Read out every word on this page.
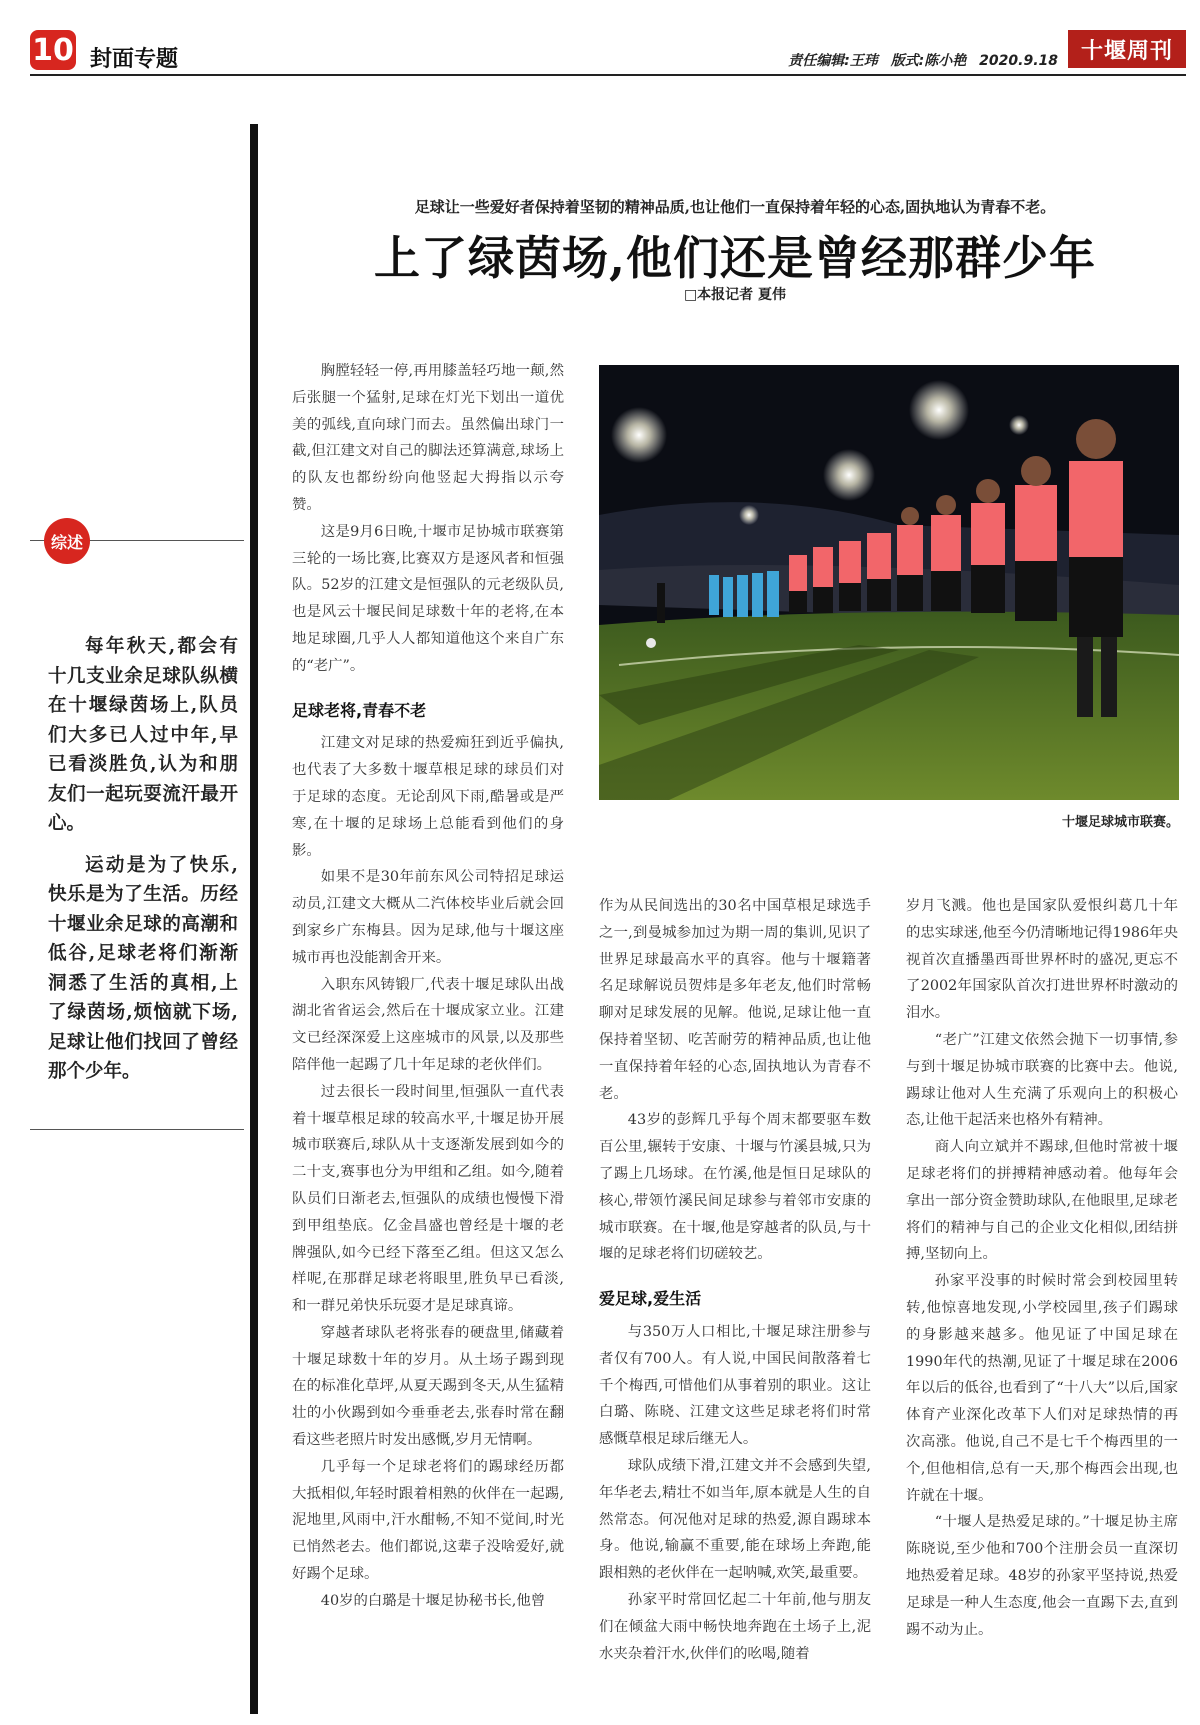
10 封面专题	责任编辑:王玮 版式:陈小艳 2020.9.18	十堰周刊
综述

每年秋天,都会有十几支业余足球队纵横在十堰绿茵场上,队员们大多已人过中年,早已看淡胜负,认为和朋友们一起玩耍流汗最开心。

运动是为了快乐,快乐是为了生活。历经十堰业余足球的高潮和低谷,足球老将们渐渐洞悉了生活的真相,上了绿茵场,烦恼就下场,足球让他们找回了曾经那个少年。

足球让一些爱好者保持着坚韧的精神品质,也让他们一直保持着年轻的心态,固执地认为青春不老。
上了绿茵场,他们还是曾经那群少年
□本报记者 夏伟

胸膛轻轻一停,再用膝盖轻巧地一颠,然后张腿一个猛射,足球在灯光下划出一道优美的弧线,直向球门而去。虽然偏出球门一截,但江建文对自己的脚法还算满意,球场上的队友也都纷纷向他竖起大拇指以示夸赞。

这是9月6日晚,十堰市足协城市联赛第三轮的一场比赛,比赛双方是逐风者和恒强队。52岁的江建文是恒强队的元老级队员,也是风云十堰民间足球数十年的老将,在本地足球圈,几乎人人都知道他这个来自广东的“老广”。

足球老将,青春不老

江建文对足球的热爱痴狂到近乎偏执,也代表了大多数十堰草根足球的球员们对于足球的态度。无论刮风下雨,酷暑或是严寒,在十堰的足球场上总能看到他们的身影。

如果不是30年前东风公司特招足球运动员,江建文大概从二汽体校毕业后就会回到家乡广东梅县。因为足球,他与十堰这座城市再也没能割舍开来。

入职东风铸锻厂,代表十堰足球队出战湖北省省运会,然后在十堰成家立业。江建文已经深深爱上这座城市的风景,以及那些陪伴他一起踢了几十年足球的老伙伴们。

过去很长一段时间里,恒强队一直代表着十堰草根足球的较高水平,十堰足协开展城市联赛后,球队从十支逐渐发展到如今的二十支,赛事也分为甲组和乙组。如今,随着队员们日渐老去,恒强队的成绩也慢慢下滑到甲组垫底。亿金昌盛也曾经是十堰的老牌强队,如今已经下落至乙组。但这又怎么样呢,在那群足球老将眼里,胜负早已看淡,和一群兄弟快乐玩耍才是足球真谛。

穿越者球队老将张春的硬盘里,储藏着十堰足球数十年的岁月。从土场子踢到现在的标准化草坪,从夏天踢到冬天,从生猛精壮的小伙踢到如今垂垂老去,张春时常在翻看这些老照片时发出感慨,岁月无情啊。

几乎每一个足球老将们的踢球经历都大抵相似,年轻时跟着相熟的伙伴在一起踢,泥地里,风雨中,汗水酣畅,不知不觉间,时光已悄然老去。他们都说,这辈子没啥爱好,就好踢个足球。

40岁的白璐是十堰足协秘书长,他曾

十堰足球城市联赛。

作为从民间选出的30名中国草根足球选手之一,到曼城参加过为期一周的集训,见识了世界足球最高水平的真容。他与十堰籍著名足球解说员贺炜是多年老友,他们时常畅聊对足球发展的见解。他说,足球让他一直保持着坚韧、吃苦耐劳的精神品质,也让他一直保持着年轻的心态,固执地认为青春不老。

43岁的彭辉几乎每个周末都要驱车数百公里,辗转于安康、十堰与竹溪县城,只为了踢上几场球。在竹溪,他是恒日足球队的核心,带领竹溪民间足球参与着邻市安康的城市联赛。在十堰,他是穿越者的队员,与十堰的足球老将们切磋较艺。

爱足球,爱生活

与350万人口相比,十堰足球注册参与者仅有700人。有人说,中国民间散落着七千个梅西,可惜他们从事着别的职业。这让白璐、陈晓、江建文这些足球老将们时常感慨草根足球后继无人。

球队成绩下滑,江建文并不会感到失望,年华老去,精壮不如当年,原本就是人生的自然常态。何况他对足球的热爱,源自踢球本身。他说,输赢不重要,能在球场上奔跑,能跟相熟的老伙伴在一起呐喊,欢笑,最重要。

孙家平时常回忆起二十年前,他与朋友们在倾盆大雨中畅快地奔跑在土场子上,泥水夹杂着汗水,伙伴们的吆喝,随着

岁月飞溅。他也是国家队爱恨纠葛几十年的忠实球迷,他至今仍清晰地记得1986年央视首次直播墨西哥世界杯时的盛况,更忘不了2002年国家队首次打进世界杯时激动的泪水。

“老广”江建文依然会抛下一切事情,参与到十堰足协城市联赛的比赛中去。他说,踢球让他对人生充满了乐观向上的积极心态,让他干起活来也格外有精神。

商人向立斌并不踢球,但他时常被十堰足球老将们的拼搏精神感动着。他每年会拿出一部分资金赞助球队,在他眼里,足球老将们的精神与自己的企业文化相似,团结拼搏,坚韧向上。

孙家平没事的时候时常会到校园里转转,他惊喜地发现,小学校园里,孩子们踢球的身影越来越多。他见证了中国足球在1990年代的热潮,见证了十堰足球在2006年以后的低谷,也看到了“十八大”以后,国家体育产业深化改革下人们对足球热情的再次高涨。他说,自己不是七千个梅西里的一个,但他相信,总有一天,那个梅西会出现,也许就在十堰。

“十堰人是热爱足球的。”十堰足协主席陈晓说,至少他和700个注册会员一直深切地热爱着足球。48岁的孙家平坚持说,热爱足球是一种人生态度,他会一直踢下去,直到踢不动为止。
